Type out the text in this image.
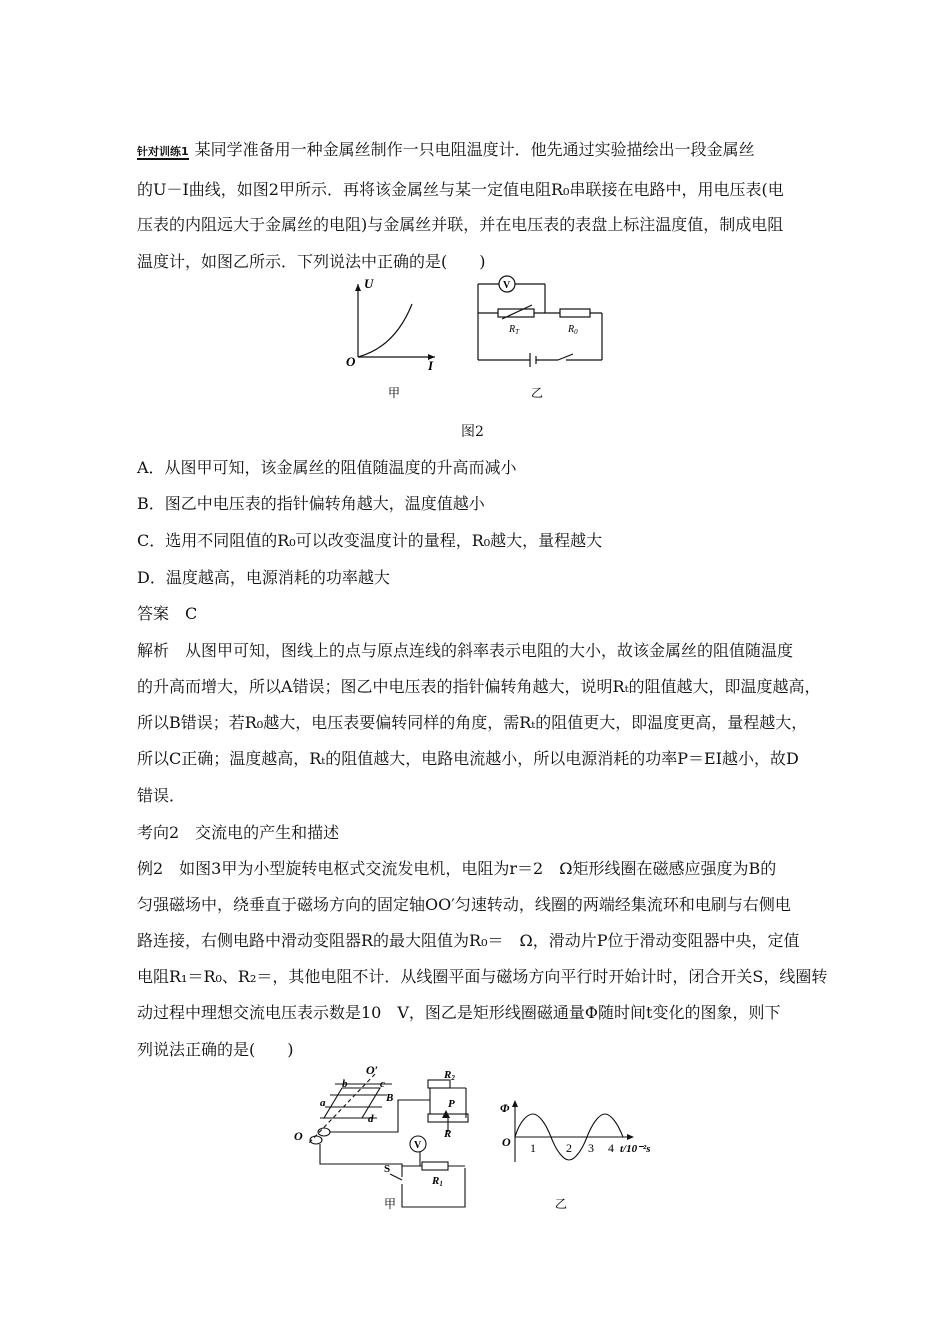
针对训练1 某同学准备用一种金属丝制作一只电阻温度计．他先通过实验描绘出一段金属丝
的U－I曲线，如图2甲所示．再将该金属丝与某一定值电阻R₀串联接在电路中，用电压表(电
压表的内阻远大于金属丝的电阻)与金属丝并联，并在电压表的表盘上标注温度值，制成电阻
温度计，如图乙所示．下列说法中正确的是(　　)
U
I
O
V
$R_T$	$R_0$
甲	乙
图2
A．从图甲可知，该金属丝的阻值随温度的升高而减小
B．图乙中电压表的指针偏转角越大，温度值越小
C．选用不同阻值的R₀可以改变温度计的量程，R₀越大，量程越大
D．温度越高，电源消耗的功率越大
答案　C
解析　从图甲可知，图线上的点与原点连线的斜率表示电阻的大小，故该金属丝的阻值随温度
的升高而增大，所以A错误；图乙中电压表的指针偏转角越大，说明Rₜ的阻值越大，即温度越高，
所以B错误；若R₀越大，电压表要偏转同样的角度，需Rₜ的阻值更大，即温度更高，量程越大，
所以C正确；温度越高，Rₜ的阻值越大，电路电流越小，所以电源消耗的功率P＝EI越小，故D
错误．
考向2　交流电的产生和描述
例2　如图3甲为小型旋转电枢式交流发电机，电阻为r＝2　Ω矩形线圈在磁感应强度为B的
匀强磁场中，绕垂直于磁场方向的固定轴OO′匀速转动，线圈的两端经集流环和电刷与右侧电
路连接，右侧电路中滑动变阻器R的最大阻值为R₀＝　Ω，滑动片P位于滑动变阻器中央，定值
电阻R₁＝R₀、R₂＝，其他电阻不计．从线圈平面与磁场方向平行时开始计时，闭合开关S，线圈转
动过程中理想交流电压表示数是10　V，图乙是矩形线圈磁通量Φ随时间t变化的图象，则下
列说法正确的是(　　)
O′
O
b	c
a
d
B
R2
P
R
V
S
R1
甲
Φ
O 1	2 3 4 t/10⁻²s
乙
